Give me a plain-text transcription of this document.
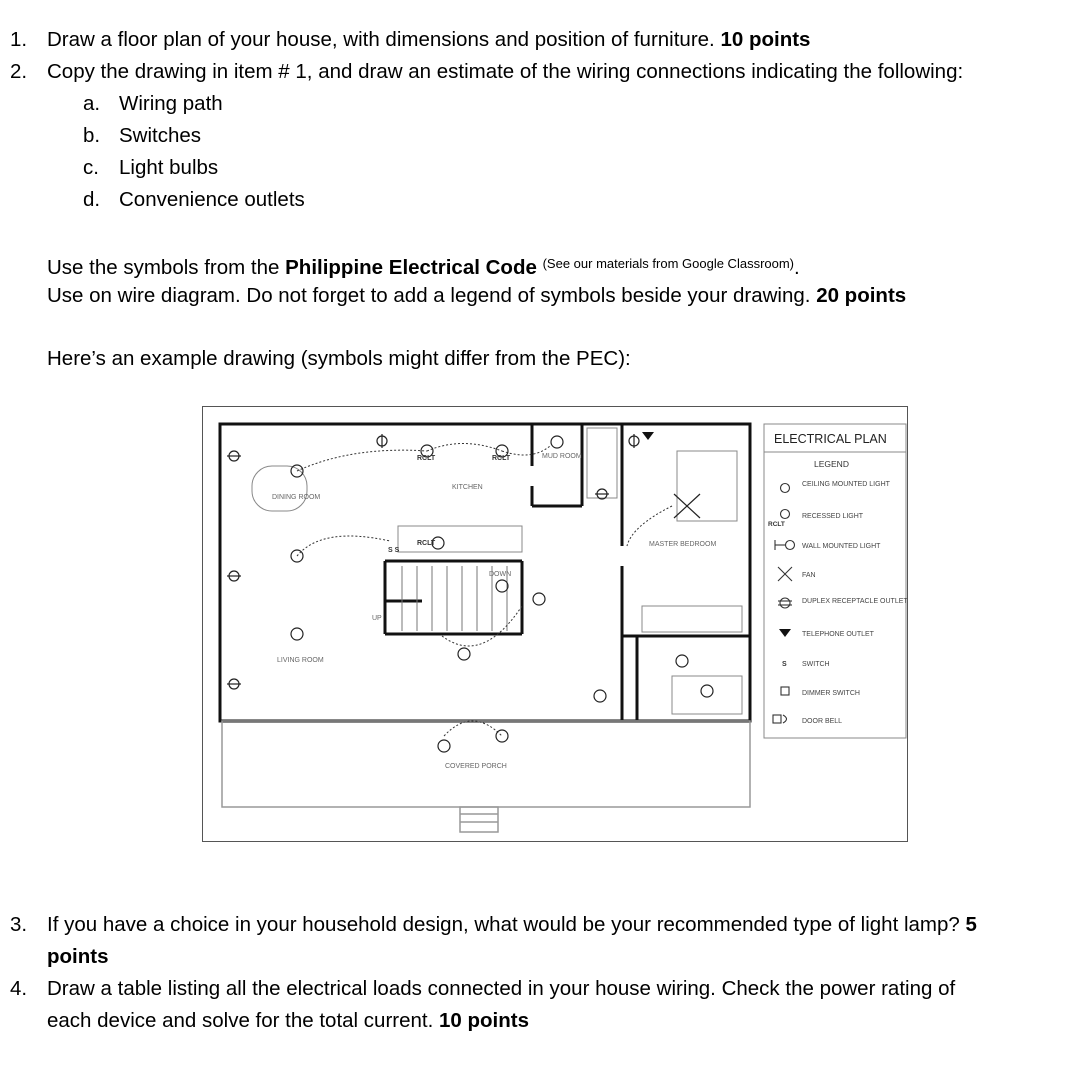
1. Draw a floor plan of your house, with dimensions and position of furniture. 10 points
2. Copy the drawing in item # 1, and draw an estimate of the wiring connections indicating the following:
a. Wiring path
b. Switches
c. Light bulbs
d. Convenience outlets
Use the symbols from the Philippine Electrical Code $^{(See our materials from Google Classroom)}$.
Use on wire diagram. Do not forget to add a legend of symbols beside your drawing. 20 points
Here’s an example drawing (symbols might differ from the PEC):
DINING ROOM
KITCHEN
MUD ROOM
MASTER BEDROOM
LIVING ROOM
COVERED PORCH
DOWN
UP
RCLT	RCLT
RCLT
S S
ELECTRICAL PLAN
LEGEND
S
RCLT
CEILING MOUNTED LIGHT
RECESSED LIGHT
WALL MOUNTED LIGHT
FAN
DUPLEX RECEPTACLE OUTLET
TELEPHONE OUTLET
SWITCH
DIMMER SWITCH
DOOR BELL
3. If you have a choice in your household design, what would be your recommended type of light lamp? 5
points
4. Draw a table listing all the electrical loads connected in your house wiring. Check the power rating of
each device and solve for the total current. 10 points
